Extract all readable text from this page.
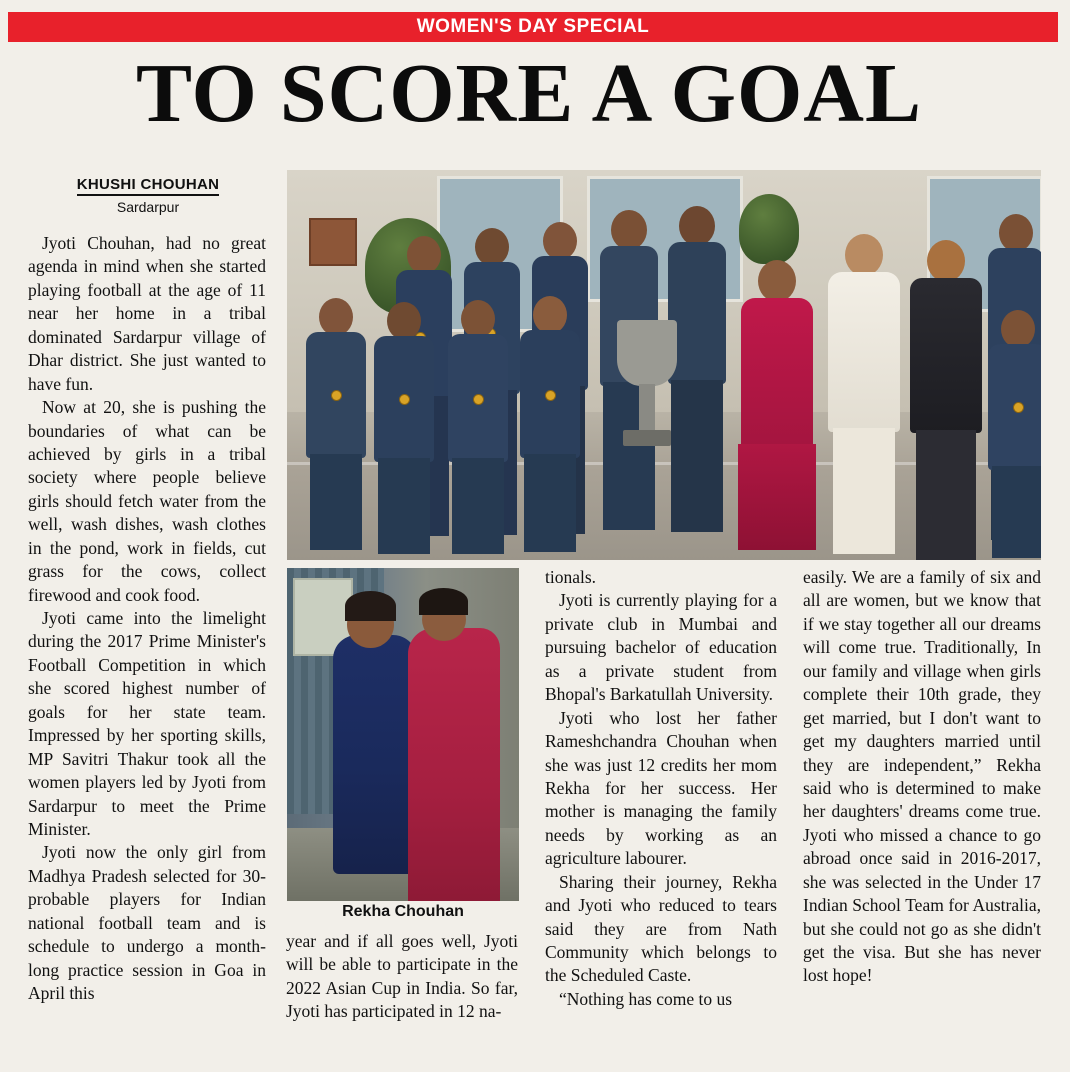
WOMEN'S DAY SPECIAL
TO SCORE A GOAL
KHUSHI CHOUHAN
Sardarpur
Rekha Chouhan

Jyoti Chouhan, had no great agenda in mind when she started playing football at the age of 11 near her home in a tribal dominated Sardarpur village of Dhar district. She just wanted to have fun.

Now at 20, she is pushing the boundaries of what can be achieved by girls in a tribal society where people believe girls should fetch water from the well, wash dishes, wash clothes in the pond, work in fields, cut grass for the cows, collect firewood and cook food.

Jyoti came into the limelight during the 2017 Prime Minister's Football Competition in which she scored highest number of goals for her state team. Impressed by her sporting skills, MP Savitri Thakur took all the women players led by Jyoti from Sardarpur to meet the Prime Minister.

Jyoti now the only girl from Madhya Pradesh selected for 30-probable players for Indian national football team and is schedule to undergo a month-long practice session in Goa in April this

year and if all goes well, Jyoti will be able to participate in the 2022 Asian Cup in India. So far, Jyoti has participated in 12 na-

tionals.

Jyoti is currently playing for a private club in Mumbai and pursuing bachelor of education as a private student from Bhopal's Barkatullah University.

Jyoti who lost her father Rameshchandra Chouhan when she was just 12 credits her mom Rekha for her success. Her mother is managing the family needs by working as an agriculture labourer.

Sharing their journey, Rekha and Jyoti who reduced to tears said they are from Nath Community which belongs to the Scheduled Caste.

“Nothing has come to us

easily. We are a family of six and all are women, but we know that if we stay together all our dreams will come true. Traditionally, In our family and village when girls complete their 10th grade, they get married, but I don't want to get my daughters married until they are independent,” Rekha said who is determined to make her daughters' dreams come true. Jyoti who missed a chance to go abroad once said in 2016-2017, she was selected in the Under 17 Indian School Team for Australia, but she could not go as she didn't get the visa. But she has never lost hope!
